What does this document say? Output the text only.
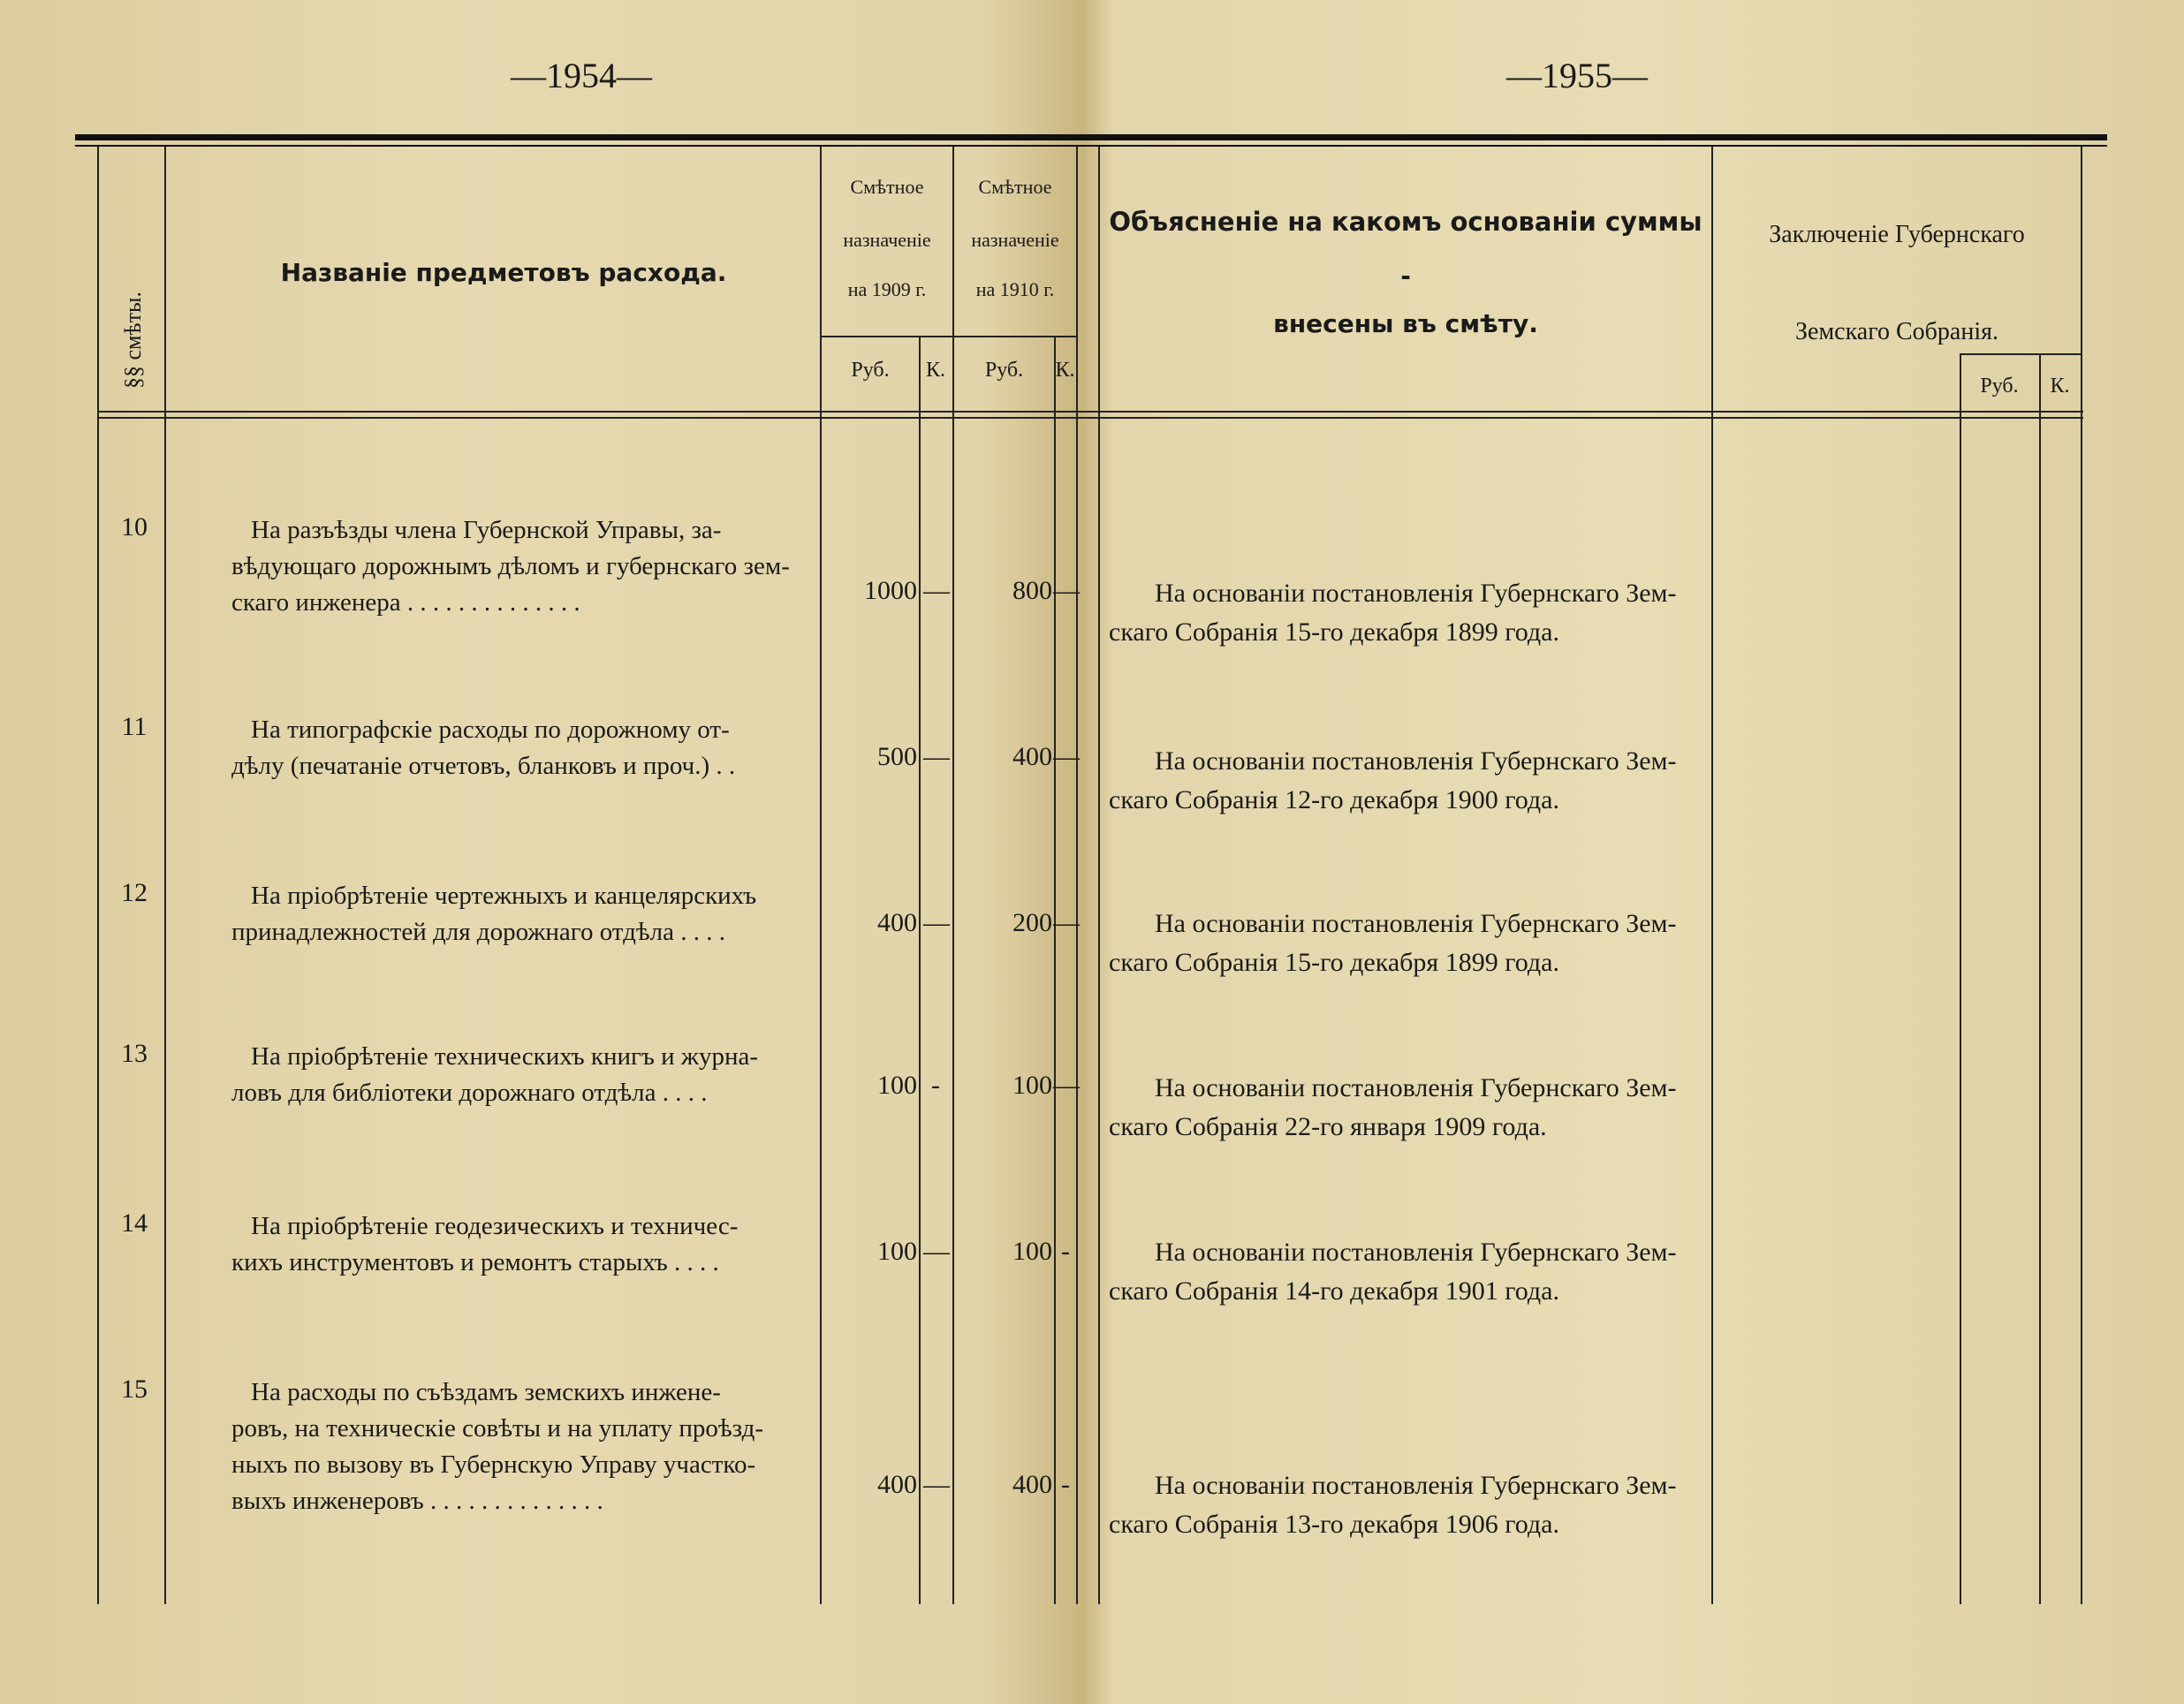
—1954—	—1955—
§§ смѣты.
Названіе предметовъ расхода.
Смѣтное
назначеніе
на 1909 г.
Смѣтное
назначеніе
на 1910 г.
Руб.	К.	Руб.	К.
Объясненіе на какомъ основаніи суммы
-
внесены въ смѣту.
Заключеніе Губернскаго
Земскаго Собранія.
Руб.	К.
10	На разъѣзды члена Губернской Управы, за-
вѣдующаго дорожнымъ дѣломъ и губернскаго зем-
скаго инженера . . . . . . . . . . . . . .	1000 —	800 —	На основаніи постановленія Губернскаго Зем-
скаго Собранія 15-го декабря 1899 года.
11	На типографскіе расходы по дорожному от-
дѣлу (печатаніе отчетовъ, бланковъ и проч.) . .	500 —	400 —	На основаніи постановленія Губернскаго Зем-
скаго Собранія 12-го декабря 1900 года.
12	На пріобрѣтеніе чертежныхъ и канцелярскихъ
принадлежностей для дорожнаго отдѣла . . . .	400 —	200 —	На основаніи постановленія Губернскаго Зем-
скаго Собранія 15-го декабря 1899 года.
13	На пріобрѣтеніе техническихъ книгъ и журна-
ловъ для библіотеки дорожнаго отдѣла . . . .	100 -	100 —	На основаніи постановленія Губернскаго Зем-
скаго Собранія 22-го января 1909 года.
14	На пріобрѣтеніе геодезическихъ и техничес-
кихъ инструментовъ и ремонтъ старыхъ . . . .	100 —	100 -	На основаніи постановленія Губернскаго Зем-
скаго Собранія 14-го декабря 1901 года.
15	На расходы по съѣздамъ земскихъ инжене-
ровъ, на техническіе совѣты и на уплату проѣзд-
ныхъ по вызову въ Губернскую Управу участко-
выхъ инженеровъ . . . . . . . . . . . . . .
400 —	400 -	На основаніи постановленія Губернскаго Зем-
скаго Собранія 13-го декабря 1906 года.
